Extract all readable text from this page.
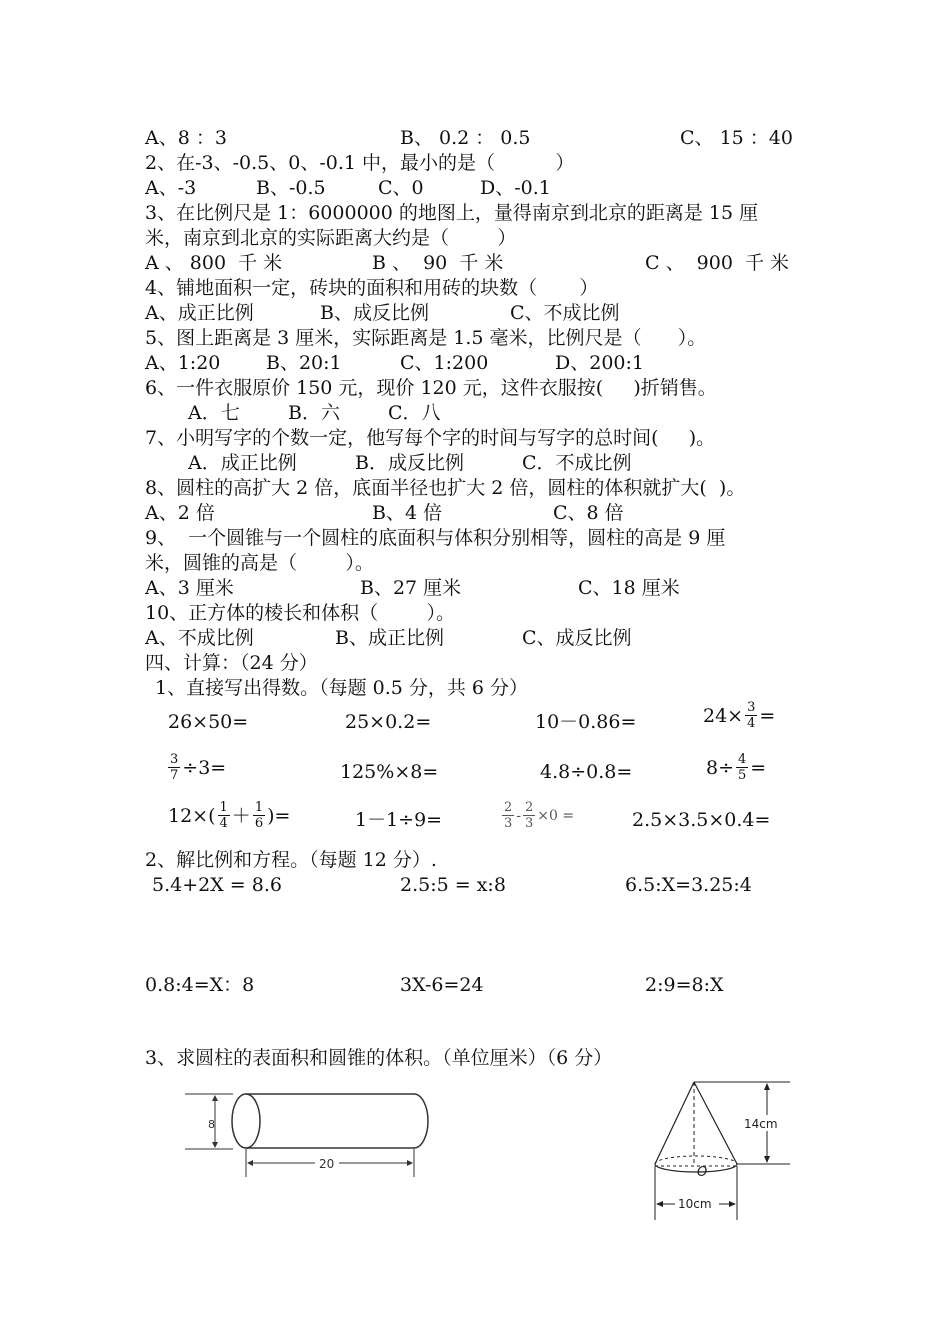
A、8 ：3	B、 0.2 ： 0.5	C、 15 ：40
2、在-3、-0.5、0、-0.1 中，最小的是（          ）
A、-3	B、-0.5	C、0	D、-0.1
3、在比例尺是 1：6000000 的地图上，量得南京到北京的距离是 15 厘
米，南京到北京的实际距离大约是（        ）
A 、 800  千 米	B 、  90  千 米	C 、  900  千 米
4、铺地面积一定，砖块的面积和用砖的块数（       ）
A、成正比例	B、成反比例	C、不成比例
5、图上距离是 3 厘米，实际距离是 1.5 毫米，比例尺是（      ）。
A、1:20 B、20:1	C、1:200	D、200:1
6、一件衣服原价 150 元，现价 120 元，这件衣服按(     )折销售。
A．七	B．六	C．八
7、小明写字的个数一定，他写每个字的时间与写字的总时间(     )。
A．成正比例	B．成反比例	C．不成比例
8、圆柱的高扩大 2 倍，底面半径也扩大 2 倍，圆柱的体积就扩大(  )。
A、2 倍	B、4 倍	C、8 倍
9、  一个圆锥与一个圆柱的底面积与体积分别相等，圆柱的高是 9 厘
米，圆锥的高是（        ）。
A、3 厘米	B、27 厘米	C、18 厘米
10、正方体的棱长和体积（        ）。
A、不成比例	B、成正比例	C、成反比例
四、计算：（24 分）
1、直接写出得数。（每题 0.5 分，共 6 分）
26×50=	25×0.2=	10－0.86=	$24\times \frac{3}{4}$ =
$\frac{3}{7} \div 3=$	125%×8=	4.8÷0.8=	$8\div \frac{4}{5}$ =
$12\times( \frac{1}{4} + \frac{1}{6}$ )=	1－1÷9=	$\frac{2}{3} - \frac{2}{3} \times 0$ =	2.5×3.5×0.4=
2、解比例和方程。（每题 12 分）.
5.4+2X = 8.6	2.5:5 = x:8	6.5:X=3.25:4
0.8:4=X：8	3X-6=24	2:9=8:X
3、求圆柱的表面积和圆锥的体积。（单位厘米）（6 分）
8
20
O
14cm
10cm
